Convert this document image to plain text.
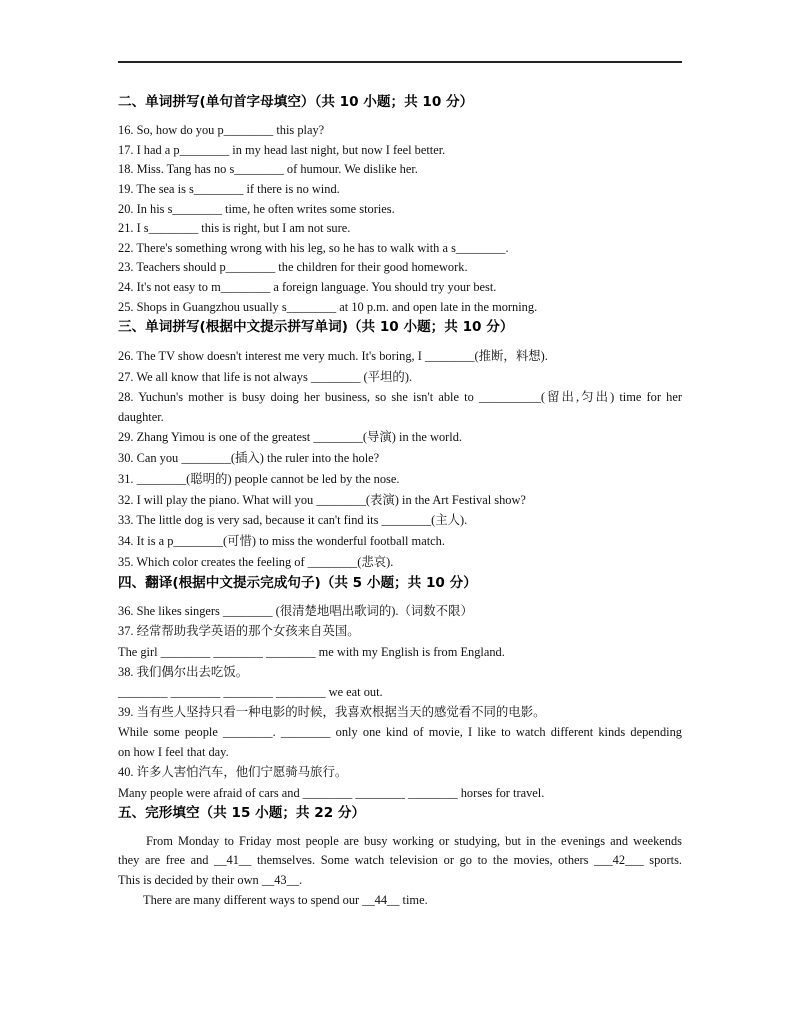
二、单词拼写(单句首字母填空）（共 10 小题；共 10 分）
16. So, how do you p________ this play?
17. I had a p________ in my head last night, but now I feel better.
18. Miss. Tang has no s________ of humour. We dislike her.
19. The sea is s________ if there is no wind.
20. In his s________ time, he often writes some stories.
21. I s________ this is right, but I am not sure.
22. There's something wrong with his leg, so he has to walk with a s________.
23. Teachers should p________ the children for their good homework.
24. It's not easy to m________ a foreign language. You should try your best.
25. Shops in Guangzhou usually s________ at 10 p.m. and open late in the morning.
三、单词拼写(根据中文提示拼写单词)（共 10 小题；共 10 分）
26. The TV show doesn't interest me very much. It's boring, I ________(推断，料想).
27. We all know that life is not always ________ (平坦的).
28. Yuchun's mother is busy doing her business, so she isn't able to __________(留出,匀出) time for her
daughter.
29. Zhang Yimou is one of the greatest ________(导演) in the world.
30. Can you ________(插入) the ruler into the hole?
31. ________(聪明的) people cannot be led by the nose.
32. I will play the piano. What will you ________(表演) in the Art Festival show?
33. The little dog is very sad, because it can't find its ________(主人).
34. It is a p________(可惜) to miss the wonderful football match.
35. Which color creates the feeling of ________(悲哀).
四、翻译(根据中文提示完成句子)（共 5 小题；共 10 分）
36. She likes singers ________ (很清楚地唱出歌词的).（词数不限）
37. 经常帮助我学英语的那个女孩来自英国。
The girl ________ ________ ________ me with my English is from England.
38. 我们偶尔出去吃饭。
________ ________ ________ ________ we eat out.
39. 当有些人坚持只看一种电影的时候，我喜欢根据当天的感觉看不同的电影。
While some people ________. ________ only one kind of movie, I like to watch different kinds depending
on how I feel that day.
40. 许多人害怕汽车，他们宁愿骑马旅行。
Many people were afraid of cars and ________ ________ ________ horses for travel.
五、完形填空（共 15 小题；共 22 分）
From Monday to Friday most people are busy working or studying, but in the evenings and weekends
they are free and __41__ themselves. Some watch television or go to the movies, others ___42___ sports.
This is decided by their own __43__.
There are many different ways to spend our __44__ time.
